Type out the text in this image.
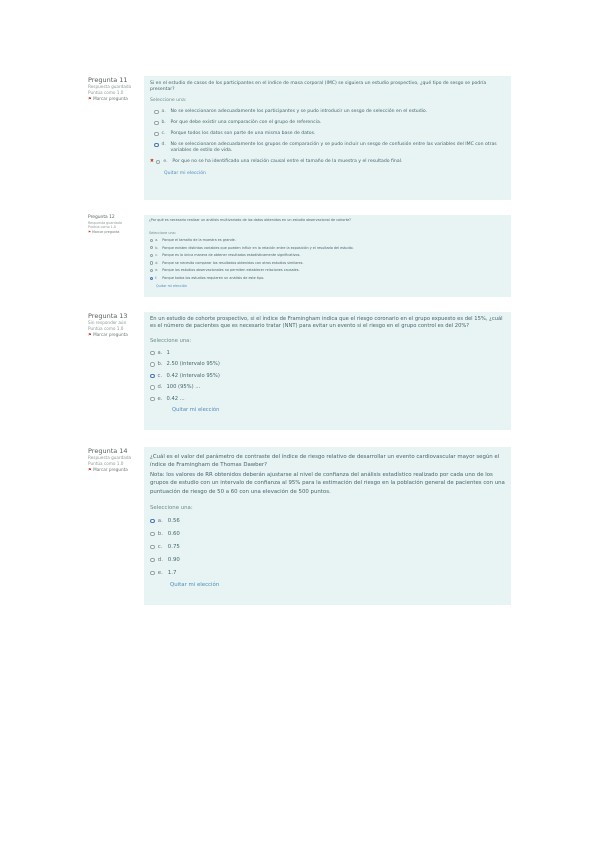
Pregunta 11
Respuesta guardada
Puntúa como 1.0
⚑ Marcar pregunta

Si en el estudio de casos de los participantes en el índice de masa corporal (IMC) se siguiera un estudio prospectivo, ¿qué tipo de sesgo se podría presentar?

Seleccione una:
a.	No se seleccionaron adecuadamente los participantes y se pudo introducir un sesgo de selección en el estudio.
b.	Por que debe existir una comparación con el grupo de referencia.
c.	Porque todos los datos son parte de una misma base de datos.
d.	No se seleccionaron adecuadamente los grupos de comparación y se pudo incluir un sesgo de confusión entre las variables del IMC con otras variables de estilo de vida.
✖ e.	Por que no se ha identificado una relación causal entre el tamaño de la muestra y el resultado final.
Quitar mi elección
Pregunta 12
Respuesta guardada
Puntúa como 1.0
⚑ Marcar pregunta

¿Por qué es necesario realizar un análisis multivariado de los datos obtenidos en un estudio observacional de cohorte?

Seleccione una:
a.	Porque el tamaño de la muestra es grande.
b.	Porque existen distintas variables que pueden influir en la relación entre la exposición y el resultado del estudio.
c.	Porque es la única manera de obtener resultados estadísticamente significativos.
d.	Porque se necesita comparar los resultados obtenidos con otros estudios similares.
e.	Porque los estudios observacionales no permiten establecer relaciones causales.
f.	Porque todos los estudios requieren un análisis de este tipo.
Quitar mi elección
Pregunta 13
Sin responder aún
Puntúa como 1.0
⚑ Marcar pregunta

En un estudio de cohorte prospectivo, si el índice de Framingham indica que el riesgo coronario en el grupo expuesto es del 15%, ¿cuál es el número de pacientes que es necesario tratar (NNT) para evitar un evento si el riesgo en el grupo control es del 20%?

Seleccione una:
a. 1
b. 2.50 (intervalo 95%)
c. 0.42 (intervalo 95%)
d. 100 (95%) ...
e. 0.42 ...
Quitar mi elección
Pregunta 14
Respuesta guardada
Puntúa como 1.0
⚑ Marcar pregunta

¿Cuál es el valor del parámetro de contraste del índice de riesgo relativo de desarrollar un evento cardiovascular mayor según el índice de Framingham de Thomas Dawber?

Nota: los valores de RR obtenidos deberán ajustarse al nivel de confianza del análisis estadístico realizado por cada uno de los grupos de estudio con un intervalo de confianza al 95% para la estimación del riesgo en la población general de pacientes con una puntuación de riesgo de 50 a 60 con una elevación de 500 puntos.

Seleccione una:
a. 0.56
b. 0.60
c. 0.75
d. 0.90
e. 1.7
Quitar mi elección
